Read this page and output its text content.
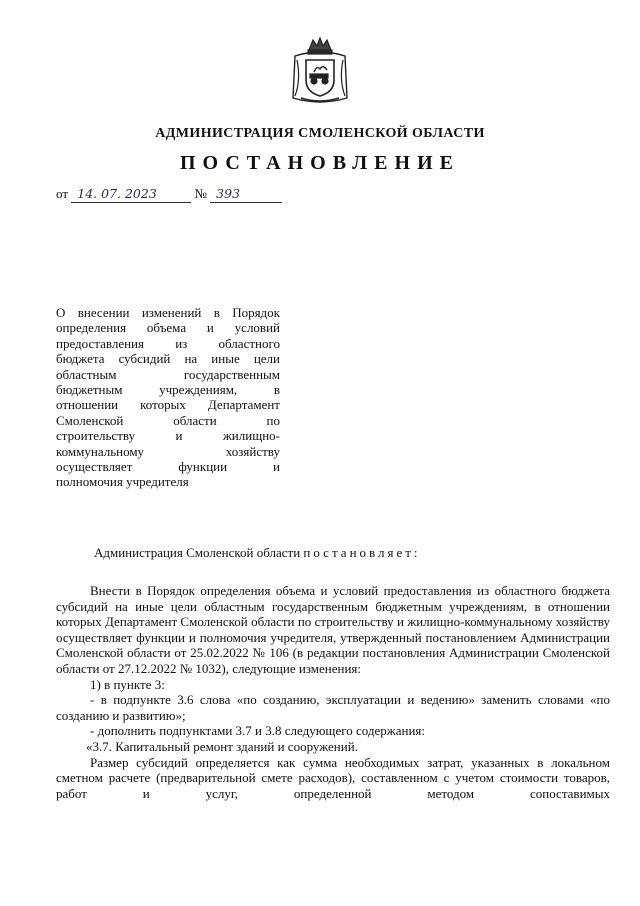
АДМИНИСТРАЦИЯ СМОЛЕНСКОЙ ОБЛАСТИ
ПОСТАНОВЛЕНИЕ
от 14. 07. 2023	№ 393
О внесении изменений в Порядок
определения объема и условий
предоставления из областного
бюджета субсидий на иные цели
областным государственным
бюджетным учреждениям, в
отношении которых Департамент
Смоленской области по
строительству и жилищно-
коммунальному хозяйству
осуществляет функции и
полномочия учредителя
Администрация Смоленской области постановляет:

Внести в Порядок определения объема и условий предоставления из областного бюджета субсидий на иные цели областным государственным бюджетным учреждениям, в отношении которых Департамент Смоленской области по строительству и жилищно-коммунальному хозяйству осуществляет функции и полномочия учредителя, утвержденный постановлением Администрации Смоленской области от 25.02.2022 № 106 (в редакции постановления Администрации Смоленской области от 27.12.2022 № 1032), следующие изменения:

1) в пункте 3:

- в подпункте 3.6 слова «по созданию, эксплуатации и ведению» заменить словами «по созданию и развитию»;

- дополнить подпунктами 3.7 и 3.8 следующего содержания:

«3.7. Капитальный ремонт зданий и сооружений.

Размер субсидий определяется как сумма необходимых затрат, указанных в локальном сметном расчете (предварительной смете расходов), составленном с учетом стоимости товаров, работ и услуг, определенной методом сопоставимых
